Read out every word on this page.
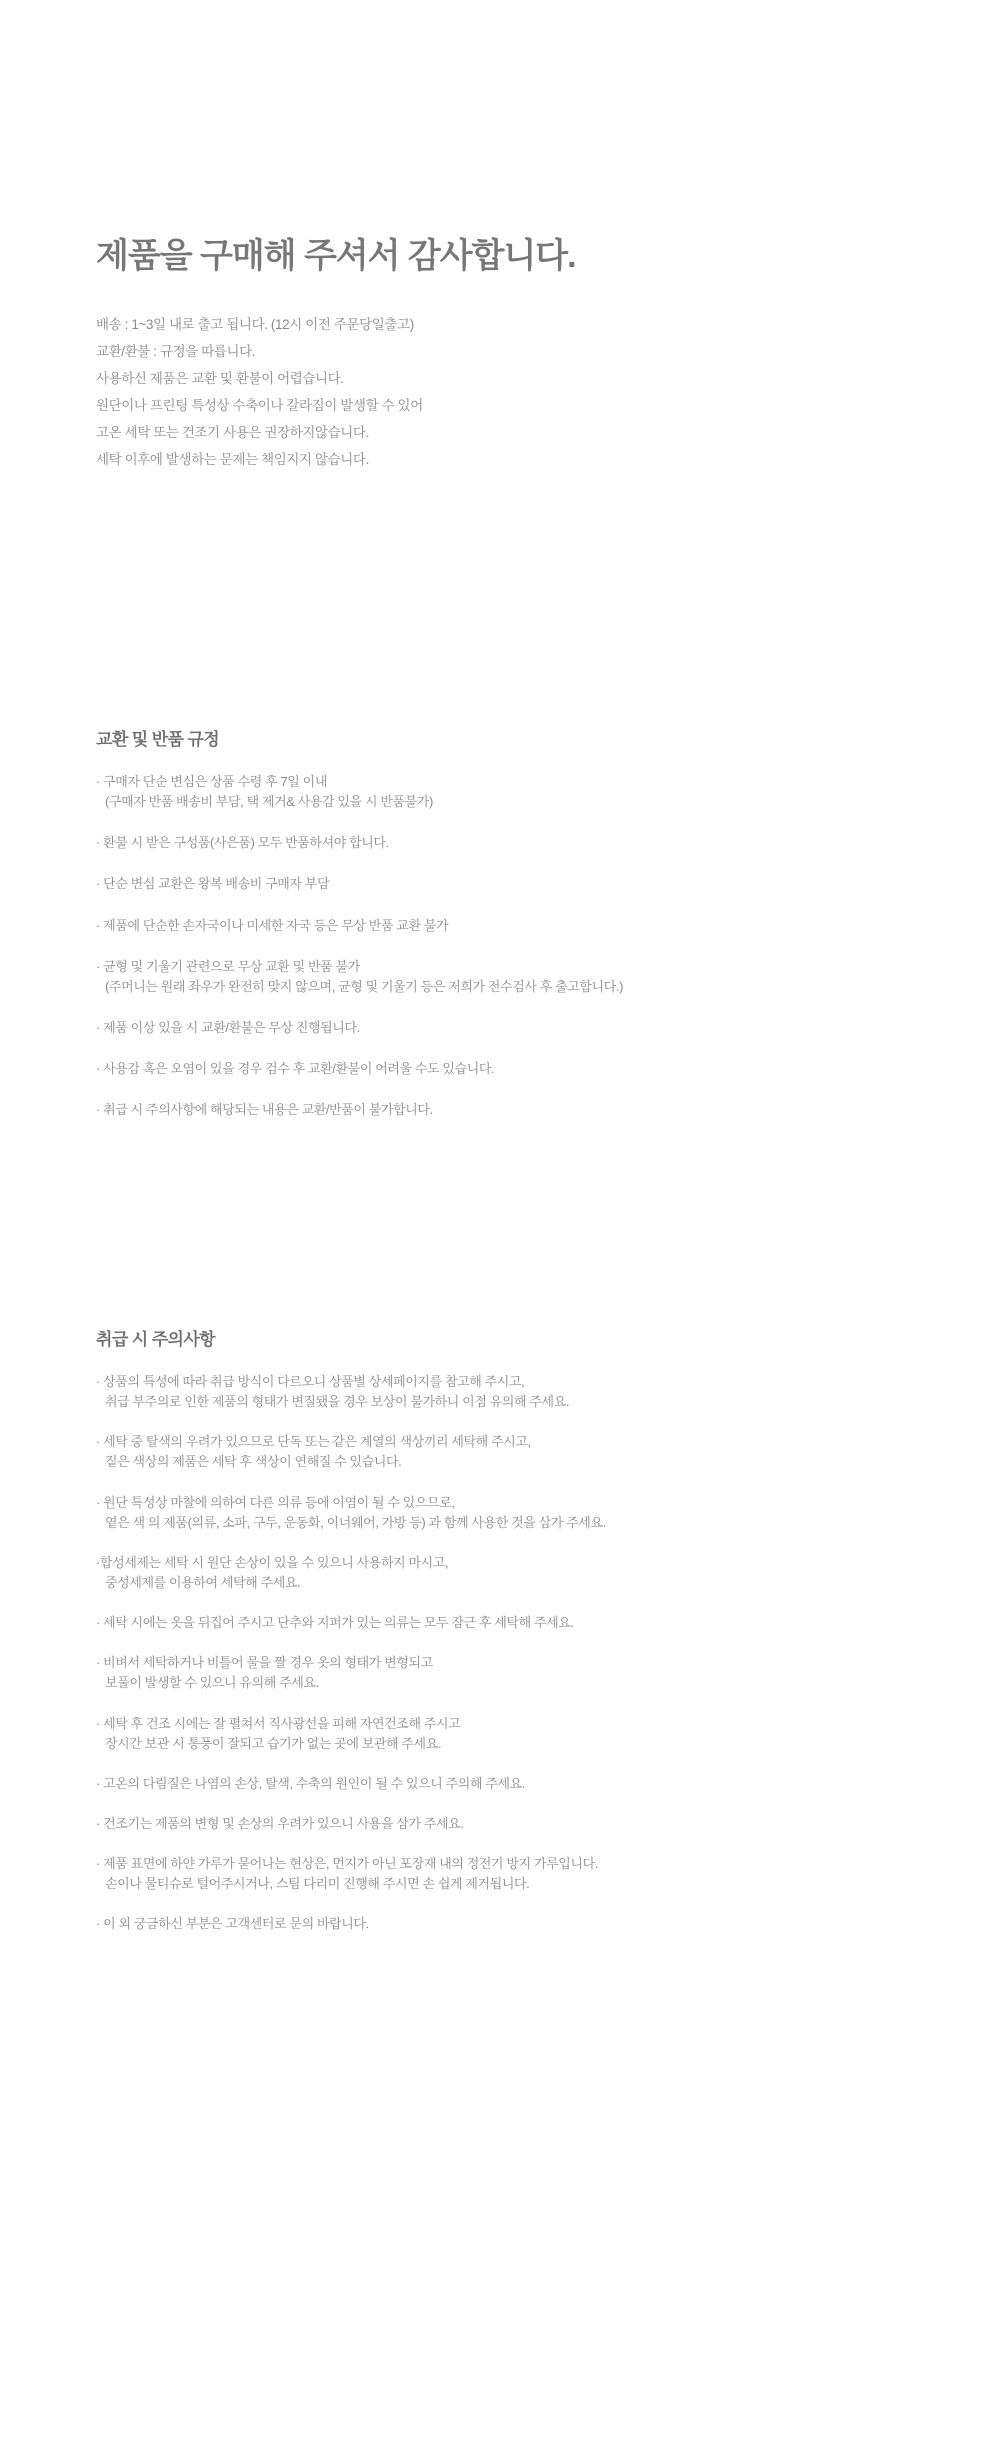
제품을 구매해 주셔서 감사합니다.
배송 : 1~3일 내로 출고 됩니다. (12시 이전 주문당일출고)
교환/환불 : 규정을 따릅니다.
사용하신 제품은 교환 및 환불이 어렵습니다.
원단이나 프린팅 특성상 수축이나 갈라짐이 발생할 수 있어
고온 세탁 또는 건조기 사용은 권장하지않습니다.
세탁 이후에 발생하는 문제는 책임지지 않습니다.
교환 및 반품 규정
· 구매자 단순 변심은 상품 수령 후 7일 이내
(구매자 반품 배송비 부담, 택 제거& 사용감 있을 시 반품불가)
· 환불 시 받은 구성품(사은품) 모두 반품하셔야 합니다.
· 단순 변심 교환은 왕복 배송비 구매자 부담
· 제품에 단순한 손자국이나 미세한 자국 등은 무상 반품 교환 불가
· 균형 및 기울기 관련으로 무상 교환 및 반품 불가
(주머니는 원래 좌우가 완전히 맞지 않으며, 균형 및 기울기 등은 저희가 전수검사 후 출고합니다.)
· 제품 이상 있을 시 교환/환불은 무상 진행됩니다.
· 사용감 혹은 오염이 있을 경우 검수 후 교환/환불이 어려울 수도 있습니다.
· 취급 시 주의사항에 해당되는 내용은 교환/반품이 불가합니다.
취급 시 주의사항
· 상품의 특성에 따라 취급 방식이 다르오니 상품별 상세페이지를 참고해 주시고,
취급 부주의로 인한 제품의 형태가 변질됐을 경우 보상이 불가하니 이점 유의해 주세요.
· 세탁 중 탈색의 우려가 있으므로 단독 또는 같은 계열의 색상끼리 세탁해 주시고,
짙은 색상의 제품은 세탁 후 색상이 연해질 수 있습니다.
· 원단 특성상 마찰에 의하여 다른 의류 등에 이염이 될 수 있으므로,
옅은 색 의 제품(의류, 소파, 구두, 운동화, 이너웨어, 가방 등) 과 함께 사용한 것을 삼가 주세요.
·합성세제는 세탁 시 원단 손상이 있을 수 있으니 사용하지 마시고,
중성세제를 이용하여 세탁해 주세요.
· 세탁 시에는 옷을 뒤집어 주시고 단추와 지퍼가 있는 의류는 모두 잠근 후 세탁해 주세요.
· 비벼서 세탁하거나 비틀어 물을 짤 경우 옷의 형태가 변형되고
보풀이 발생할 수 있으니 유의해 주세요.
· 세탁 후 건조 시에는 잘 펼쳐서 직사광선을 피해 자연건조해 주시고
장시간 보관 시 통풍이 잘되고 습기가 없는 곳에 보관해 주세요.
· 고온의 다림질은 나염의 손상, 탈색, 수축의 원인이 될 수 있으니 주의해 주세요.
· 건조기는 제품의 변형 및 손상의 우려가 있으니 사용을 삼가 주세요.
· 제품 표면에 하얀 가루가 묻어나는 현상은, 먼지가 아닌 포장재 내의 정전기 방지 가루입니다.
손이나 물티슈로 털어주시거나, 스팀 다리미 진행해 주시면 손 쉽게 제거됩니다.
· 이 외 궁금하신 부분은 고객센터로 문의 바랍니다.
